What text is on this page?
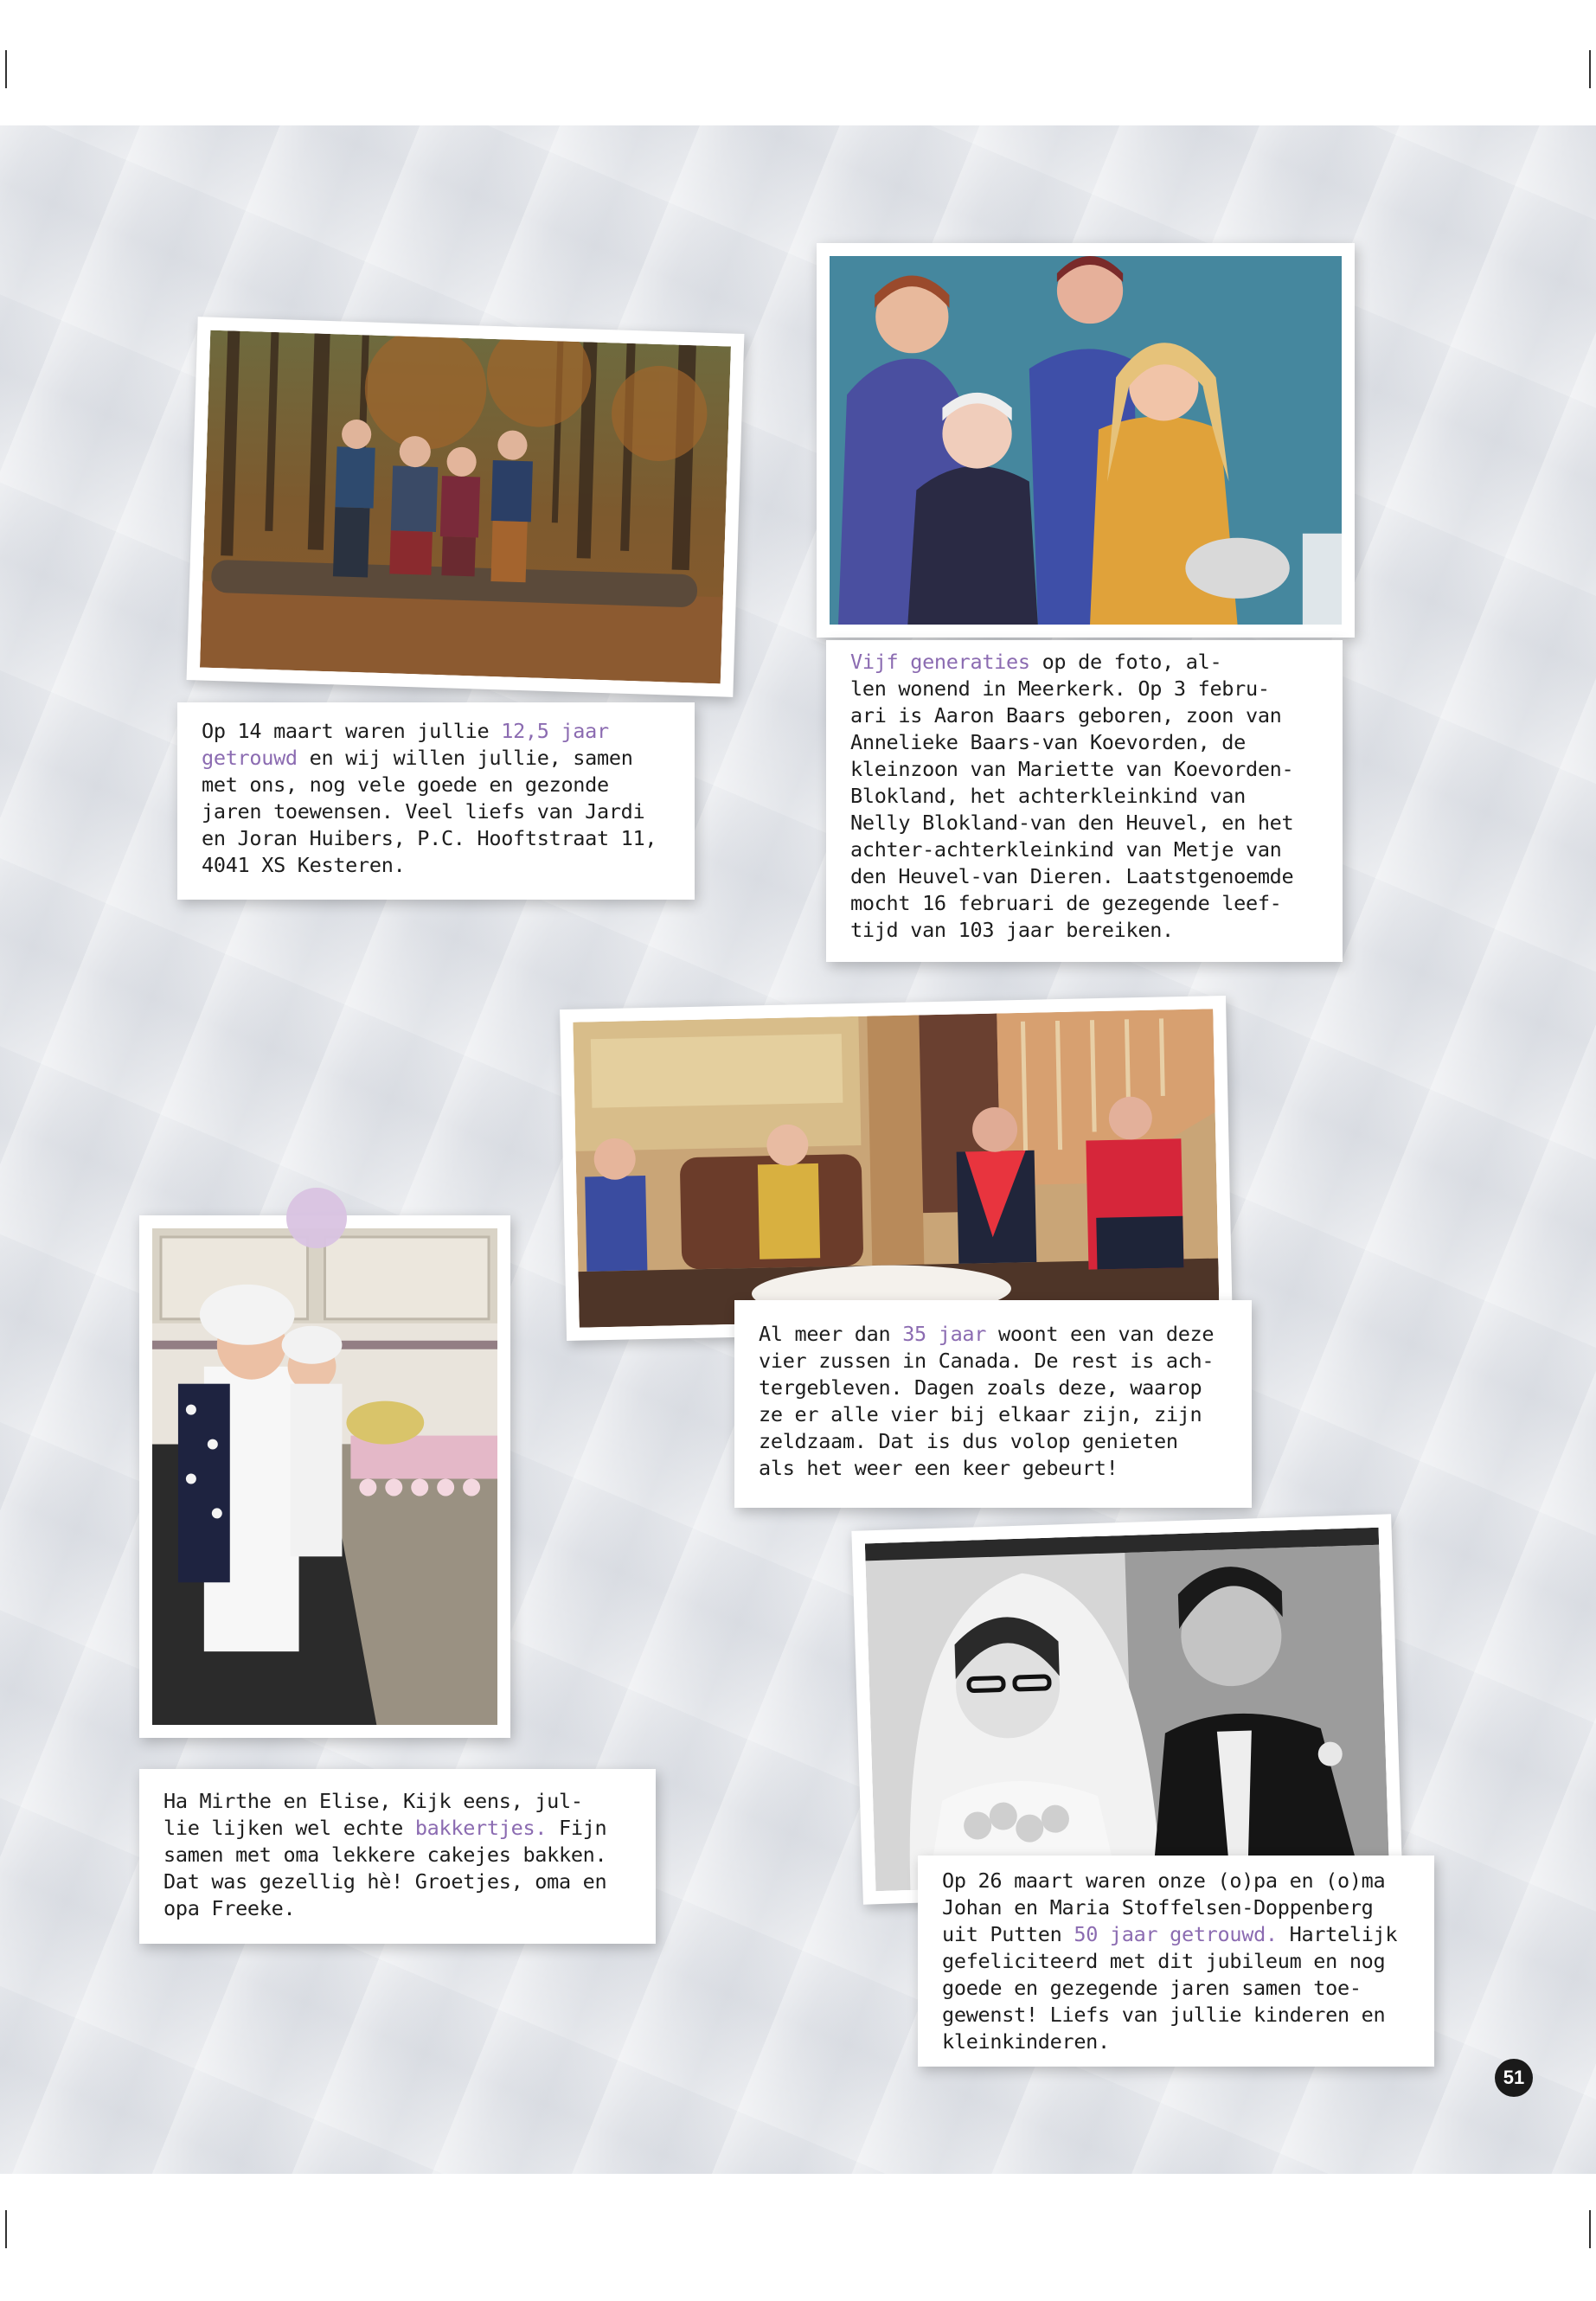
Op 14 maart waren jullie 12,5 jaar
getrouwd en wij willen jullie, samen
met ons, nog vele goede en gezonde
jaren toewensen. Veel liefs van Jardi
en Joran Huibers, P.C. Hooftstraat 11,
4041 XS Kesteren.
Vijf generaties op de foto, al-
len wonend in Meerkerk. Op 3 febru-
ari is Aaron Baars geboren, zoon van
Annelieke Baars-van Koevorden, de
kleinzoon van Mariette van Koevorden-
Blokland, het achterkleinkind van
Nelly Blokland-van den Heuvel, en het
achter-achterkleinkind van Metje van
den Heuvel-van Dieren. Laatstgenoemde
mocht 16 februari de gezegende leef-
tijd van 103 jaar bereiken.
Al meer dan 35 jaar woont een van deze
vier zussen in Canada. De rest is ach-
tergebleven. Dagen zoals deze, waarop
ze er alle vier bij elkaar zijn, zijn
zeldzaam. Dat is dus volop genieten
als het weer een keer gebeurt!
Ha Mirthe en Elise, Kijk eens, jul-
lie lijken wel echte bakkertjes. Fijn
samen met oma lekkere cakejes bakken.
Dat was gezellig hè! Groetjes, oma en
opa Freeke.
Op 26 maart waren onze (o)pa en (o)ma
Johan en Maria Stoffelsen-Doppenberg
uit Putten 50 jaar getrouwd. Hartelijk
gefeliciteerd met dit jubileum en nog
goede en gezegende jaren samen toe-
gewenst! Liefs van jullie kinderen en
kleinkinderen.
51
